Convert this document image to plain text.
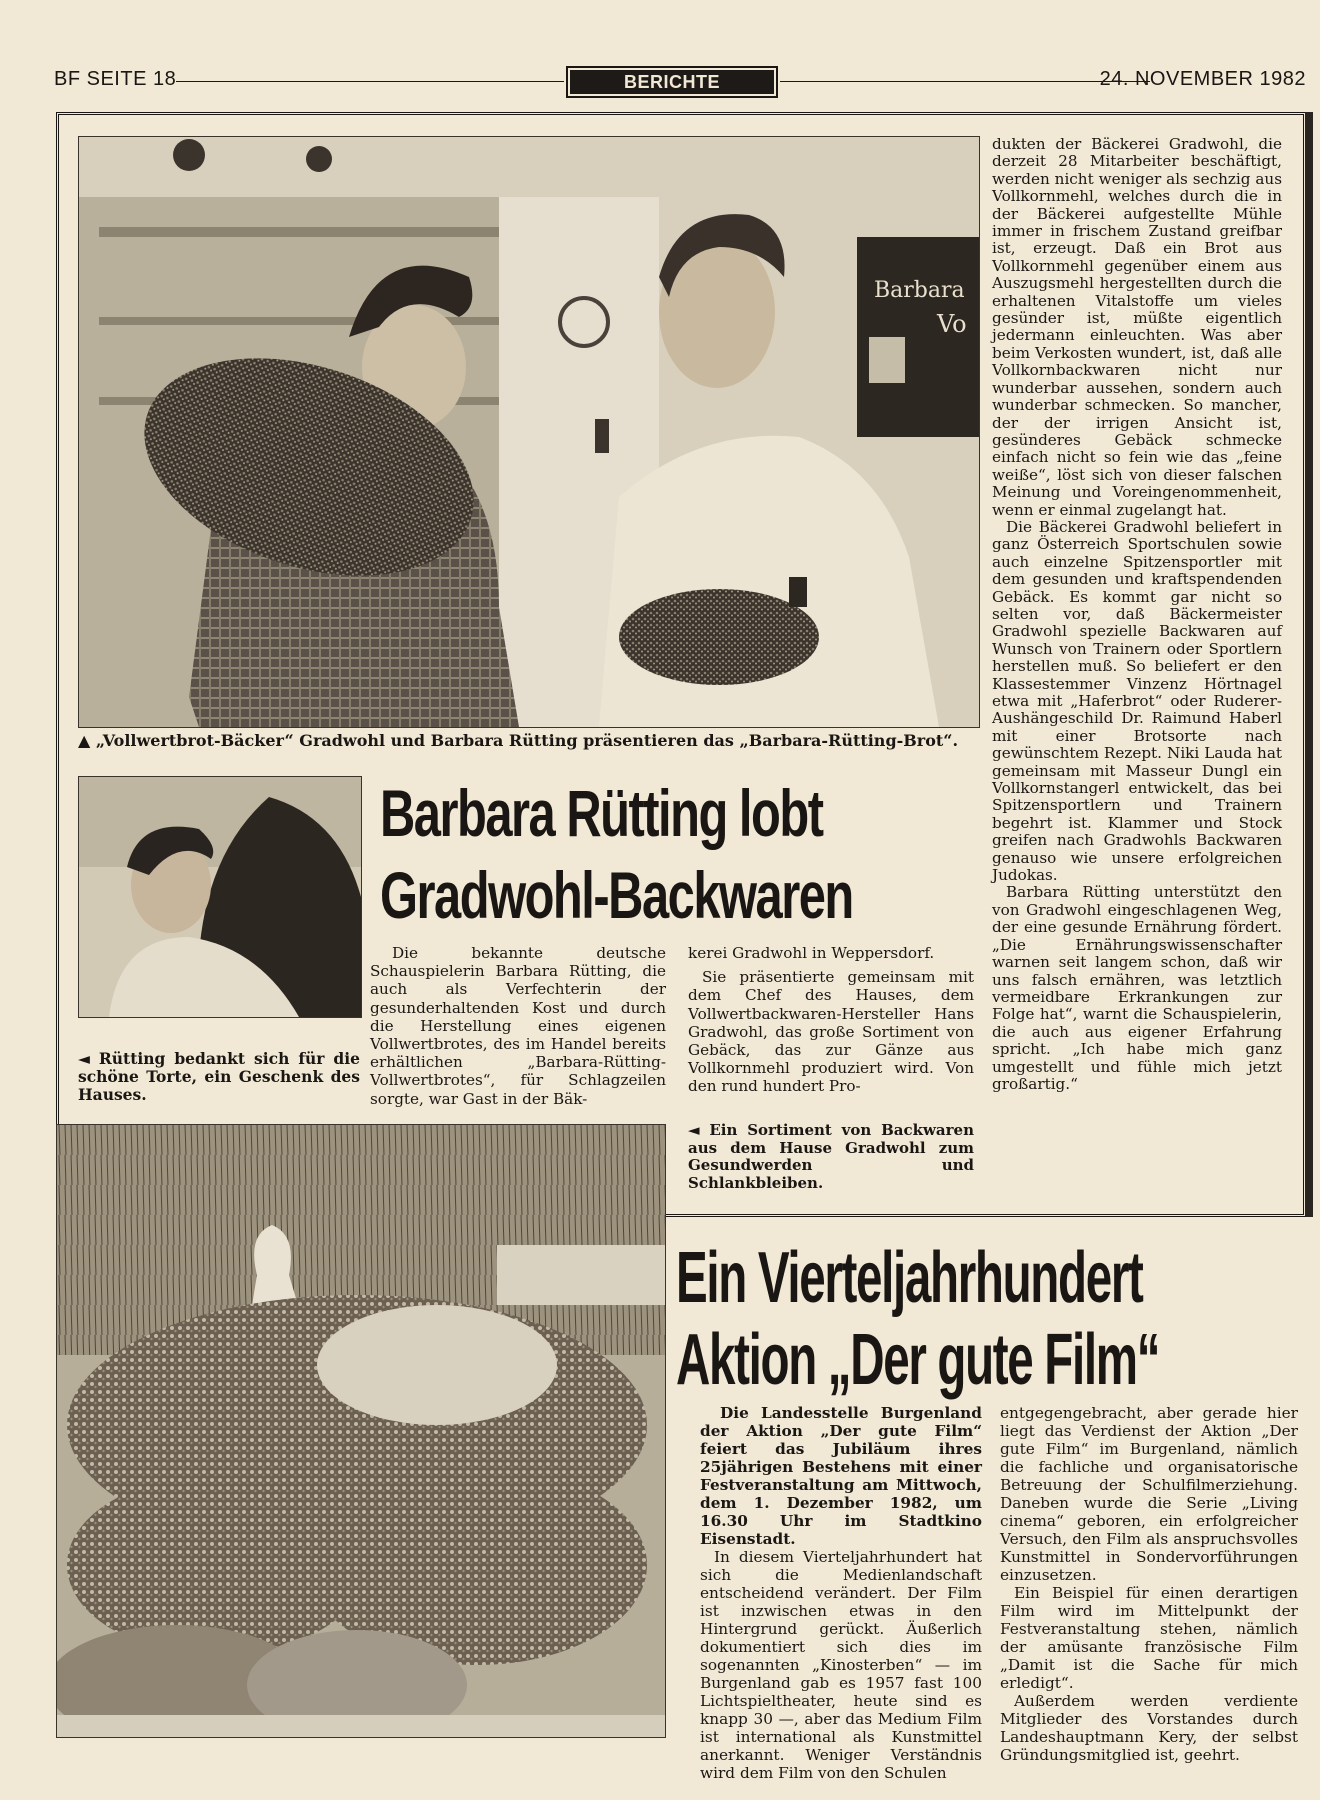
BF SEITE 18	BERICHTE	24. NOVEMBER 1982
Barbara
Vo
▲ „Vollwertbrot-Bäcker“ Gradwohl und Barbara Rütting präsentieren das „Barbara-Rütting-Brot“.
◄ Rütting bedankt sich für die schöne Torte, ein Geschenk des Hauses.
Barbara Rütting lobt
Gradwohl-Backwaren

Die bekannte deutsche Schauspielerin Barbara Rütting, die auch als Verfechterin der gesunderhaltenden Kost und durch die Herstellung eines eigenen Vollwertbrotes, des im Handel bereits erhältlichen „Barbara-Rütting-Vollwertbrotes“, für Schlagzeilen sorgte, war Gast in der Bäk-

kerei Gradwohl in Weppersdorf.

Sie präsentierte gemeinsam mit dem Chef des Hauses, dem Vollwertbackwaren-Hersteller Hans Gradwohl, das große Sortiment von Gebäck, das zur Gänze aus Vollkornmehl produziert wird. Von den rund hundert Pro-

◄ Ein Sortiment von Backwaren aus dem Hause Gradwohl zum Gesundwerden und Schlankbleiben.

dukten der Bäckerei Gradwohl, die derzeit 28 Mitarbeiter beschäftigt, werden nicht weniger als sechzig aus Vollkornmehl, welches durch die in der Bäckerei aufgestellte Mühle immer in frischem Zustand greifbar ist, erzeugt. Daß ein Brot aus Vollkornmehl gegenüber einem aus Auszugsmehl hergestellten durch die erhaltenen Vitalstoffe um vieles gesünder ist, müßte eigentlich jedermann einleuchten. Was aber beim Verkosten wundert, ist, daß alle Vollkornbackwaren nicht nur wunderbar aussehen, sondern auch wunderbar schmecken. So mancher, der der irrigen Ansicht ist, gesünderes Gebäck schmecke einfach nicht so fein wie das „feine weiße“, löst sich von dieser falschen Meinung und Voreingenommenheit, wenn er einmal zugelangt hat.

Die Bäckerei Gradwohl beliefert in ganz Österreich Sportschulen sowie auch einzelne Spitzensportler mit dem gesunden und kraftspendenden Gebäck. Es kommt gar nicht so selten vor, daß Bäckermeister Gradwohl spezielle Backwaren auf Wunsch von Trainern oder Sportlern herstellen muß. So beliefert er den Klassestemmer Vinzenz Hörtnagel etwa mit „Haferbrot“ oder Ruderer-Aushängeschild Dr. Raimund Haberl mit einer Brotsorte nach gewünschtem Rezept. Niki Lauda hat gemeinsam mit Masseur Dungl ein Vollkornstangerl entwickelt, das bei Spitzensportlern und Trainern begehrt ist. Klammer und Stock greifen nach Gradwohls Backwaren genauso wie unsere erfolgreichen Judokas.

Barbara Rütting unterstützt den von Gradwohl eingeschlagenen Weg, der eine gesunde Ernährung fördert. „Die Ernährungswissenschafter warnen seit langem schon, daß wir uns falsch ernähren, was letztlich vermeidbare Erkrankungen zur Folge hat“, warnt die Schauspielerin, die auch aus eigener Erfahrung spricht. „Ich habe mich ganz umgestellt und fühle mich jetzt großartig.“

Ein Vierteljahrhundert
Aktion „Der gute Film“

Die Landesstelle Burgenland der Aktion „Der gute Film“ feiert das Jubiläum ihres 25jährigen Bestehens mit einer Festveranstaltung am Mittwoch, dem 1. Dezember 1982, um 16.30 Uhr im Stadtkino Eisenstadt.

In diesem Vierteljahrhundert hat sich die Medienlandschaft entscheidend verändert. Der Film ist inzwischen etwas in den Hintergrund gerückt. Äußerlich dokumentiert sich dies im sogenannten „Kinosterben“ — im Burgenland gab es 1957 fast 100 Lichtspieltheater, heute sind es knapp 30 —, aber das Medium Film ist international als Kunstmittel anerkannt. Weniger Verständnis wird dem Film von den Schulen

entgegengebracht, aber gerade hier liegt das Verdienst der Aktion „Der gute Film“ im Burgenland, nämlich die fachliche und organisatorische Betreuung der Schulfilmerziehung. Daneben wurde die Serie „Living cinema“ geboren, ein erfolgreicher Versuch, den Film als anspruchsvolles Kunstmittel in Sondervorführungen einzusetzen.

Ein Beispiel für einen derartigen Film wird im Mittelpunkt der Festveranstaltung stehen, nämlich der amüsante französische Film „Damit ist die Sache für mich erledigt“.

Außerdem werden verdiente Mitglieder des Vorstandes durch Landeshauptmann Kery, der selbst Gründungsmitglied ist, geehrt.
